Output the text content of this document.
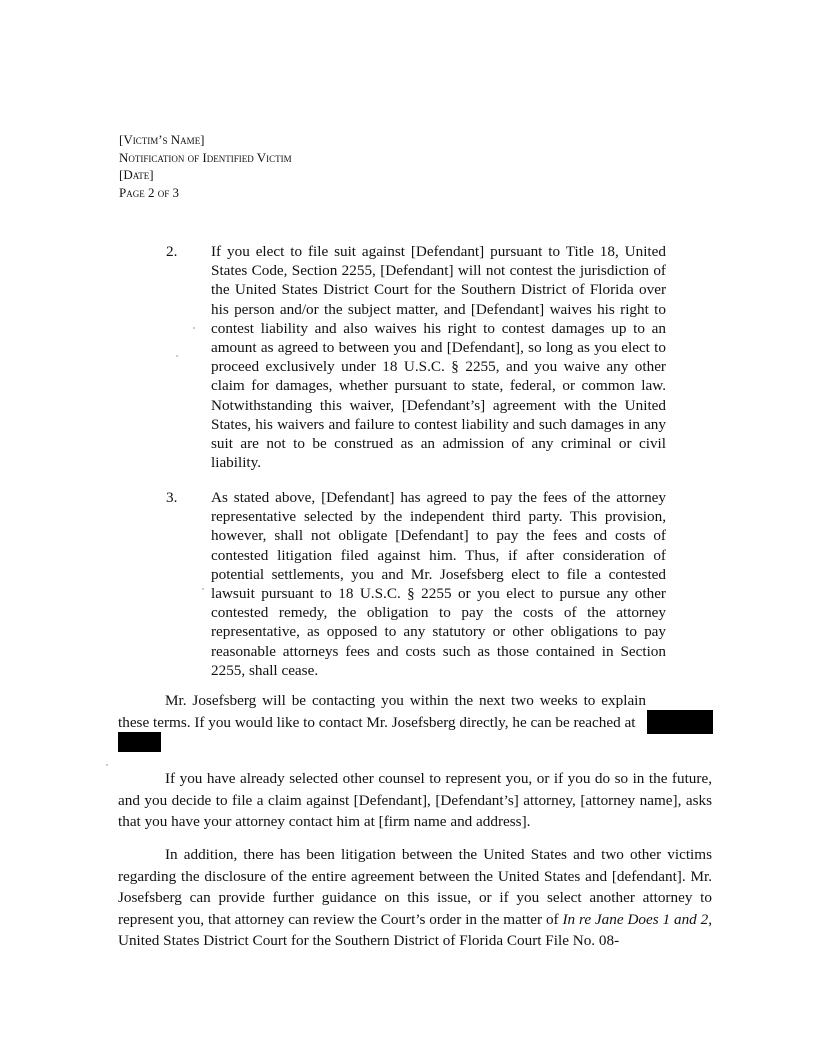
[Victim’s Name]
Notification of Identified Victim
[Date]
Page 2 of 3
2. If you elect to file suit against [Defendant] pursuant to Title 18, United States Code, Section 2255, [Defendant] will not contest the jurisdiction of the United States District Court for the Southern District of Florida over his person and/or the subject matter, and [Defendant] waives his right to contest liability and also waives his right to contest damages up to an amount as agreed to between you and [Defendant], so long as you elect to proceed exclusively under 18 U.S.C. § 2255, and you waive any other claim for damages, whether pursuant to state, federal, or common law. Notwithstanding this waiver, [Defendant’s] agreement with the United States, his waivers and failure to contest liability and such damages in any suit are not to be construed as an admission of any criminal or civil liability.
3. As stated above, [Defendant] has agreed to pay the fees of the attorney representative selected by the independent third party. This provision, however, shall not obligate [Defendant] to pay the fees and costs of contested litigation filed against him. Thus, if after consideration of potential settlements, you and Mr. Josefsberg elect to file a contested lawsuit pursuant to 18 U.S.C. § 2255 or you elect to pursue any other contested remedy, the obligation to pay the costs of the attorney representative, as opposed to any statutory or other obligations to pay reasonable attorneys fees and costs such as those contained in Section 2255, shall cease.
Mr. Josefsberg will be contacting you within the next two weeks to explain these terms. If you would like to contact Mr. Josefsberg directly, he can be reached at
If you have already selected other counsel to represent you, or if you do so in the future, and you decide to file a claim against [Defendant], [Defendant’s] attorney, [attorney name], asks that you have your attorney contact him at [firm name and address].
In addition, there has been litigation between the United States and two other victims regarding the disclosure of the entire agreement between the United States and [defendant]. Mr. Josefsberg can provide further guidance on this issue, or if you select another attorney to represent you, that attorney can review the Court’s order in the matter of In re Jane Does 1 and 2, United States District Court for the Southern District of Florida Court File No. 08-
